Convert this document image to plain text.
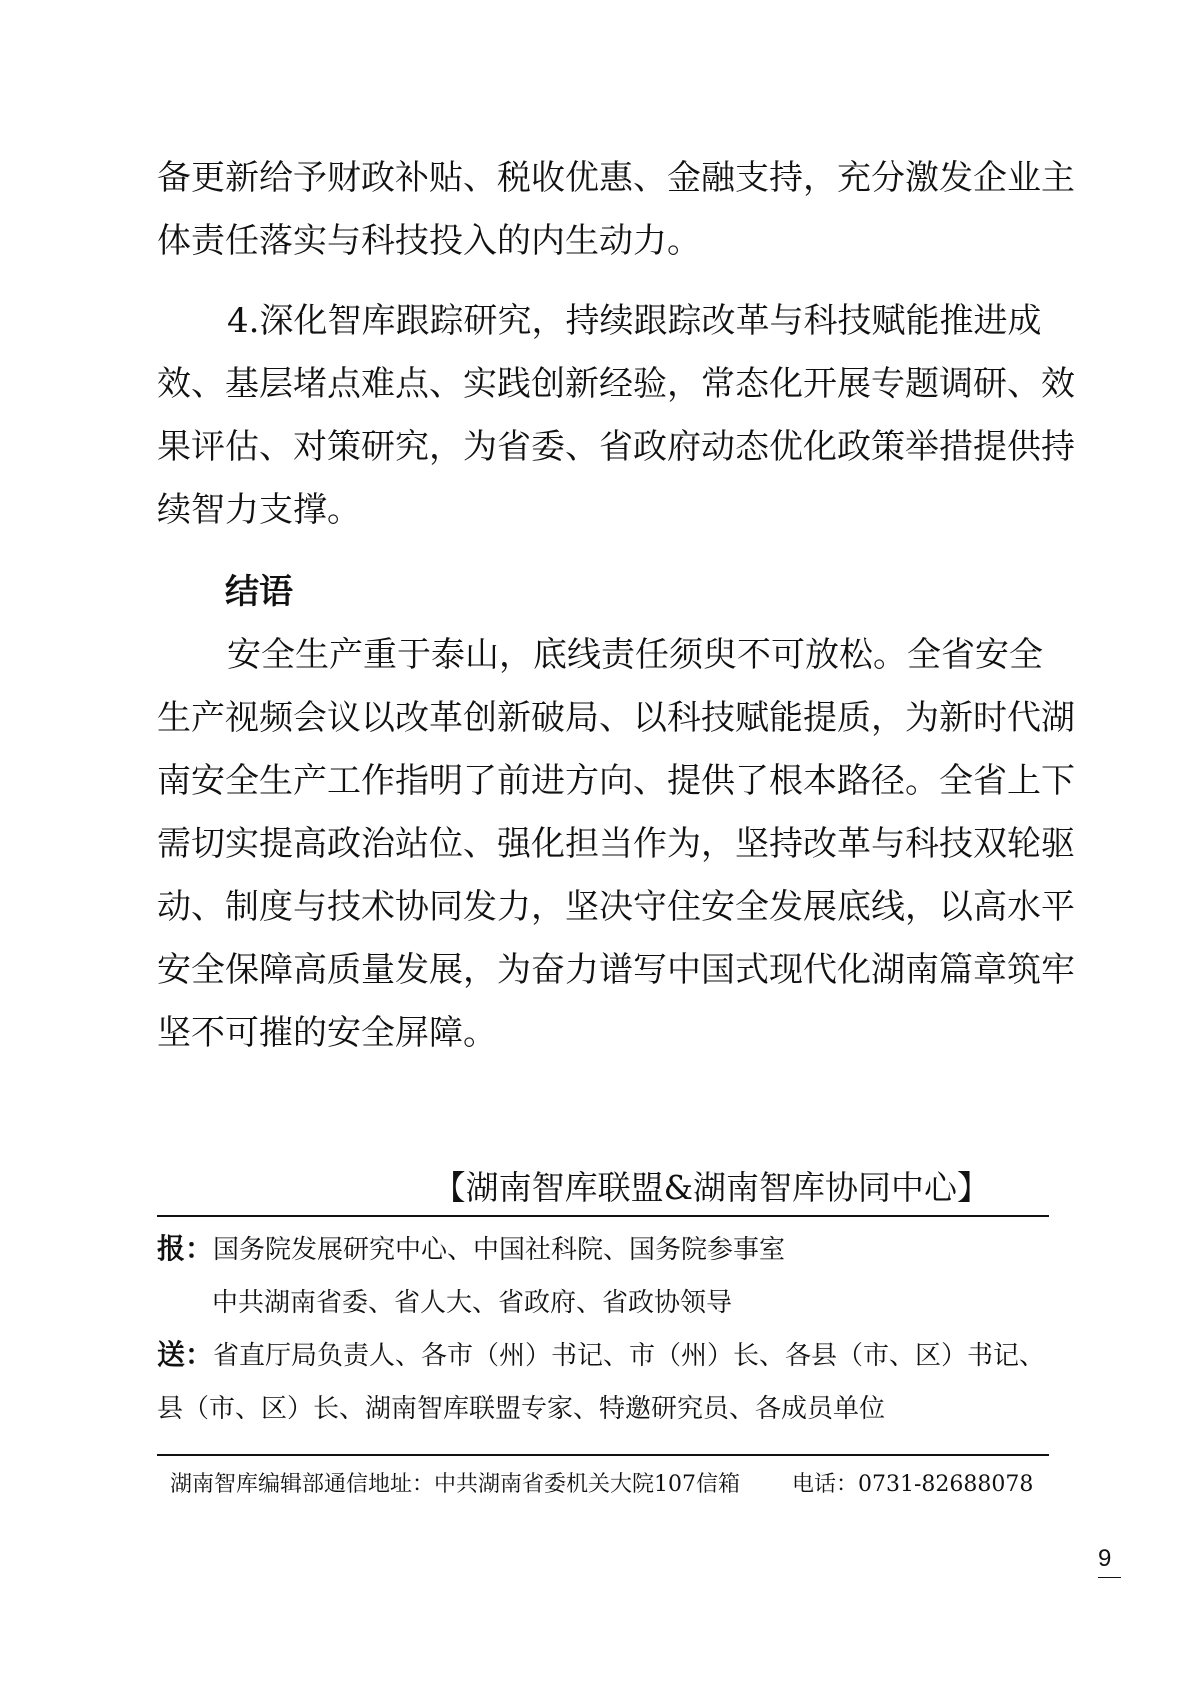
备更新给予财政补贴、税收优惠、金融支持，充分激发企业主
体责任落实与科技投入的内生动力。
4.深化智库跟踪研究，持续跟踪改革与科技赋能推进成
效、基层堵点难点、实践创新经验，常态化开展专题调研、效
果评估、对策研究，为省委、省政府动态优化政策举措提供持
续智力支撑。
结语
安全生产重于泰山，底线责任须臾不可放松。全省安全
生产视频会议以改革创新破局、以科技赋能提质，为新时代湖
南安全生产工作指明了前进方向、提供了根本路径。全省上下
需切实提高政治站位、强化担当作为，坚持改革与科技双轮驱
动、制度与技术协同发力，坚决守住安全发展底线，以高水平
安全保障高质量发展，为奋力谱写中国式现代化湖南篇章筑牢
坚不可摧的安全屏障。
【湖南智库联盟&湖南智库协同中心】
报：国务院发展研究中心、中国社科院、国务院参事室
中共湖南省委、省人大、省政府、省政协领导
送：省直厅局负责人、各市（州）书记、市（州）长、各县（市、区）书记、
县（市、区）长、湖南智库联盟专家、特邀研究员、各成员单位
湖南智库编辑部通信地址：中共湖南省委机关大院107信箱 电话：0731-82688078
9
